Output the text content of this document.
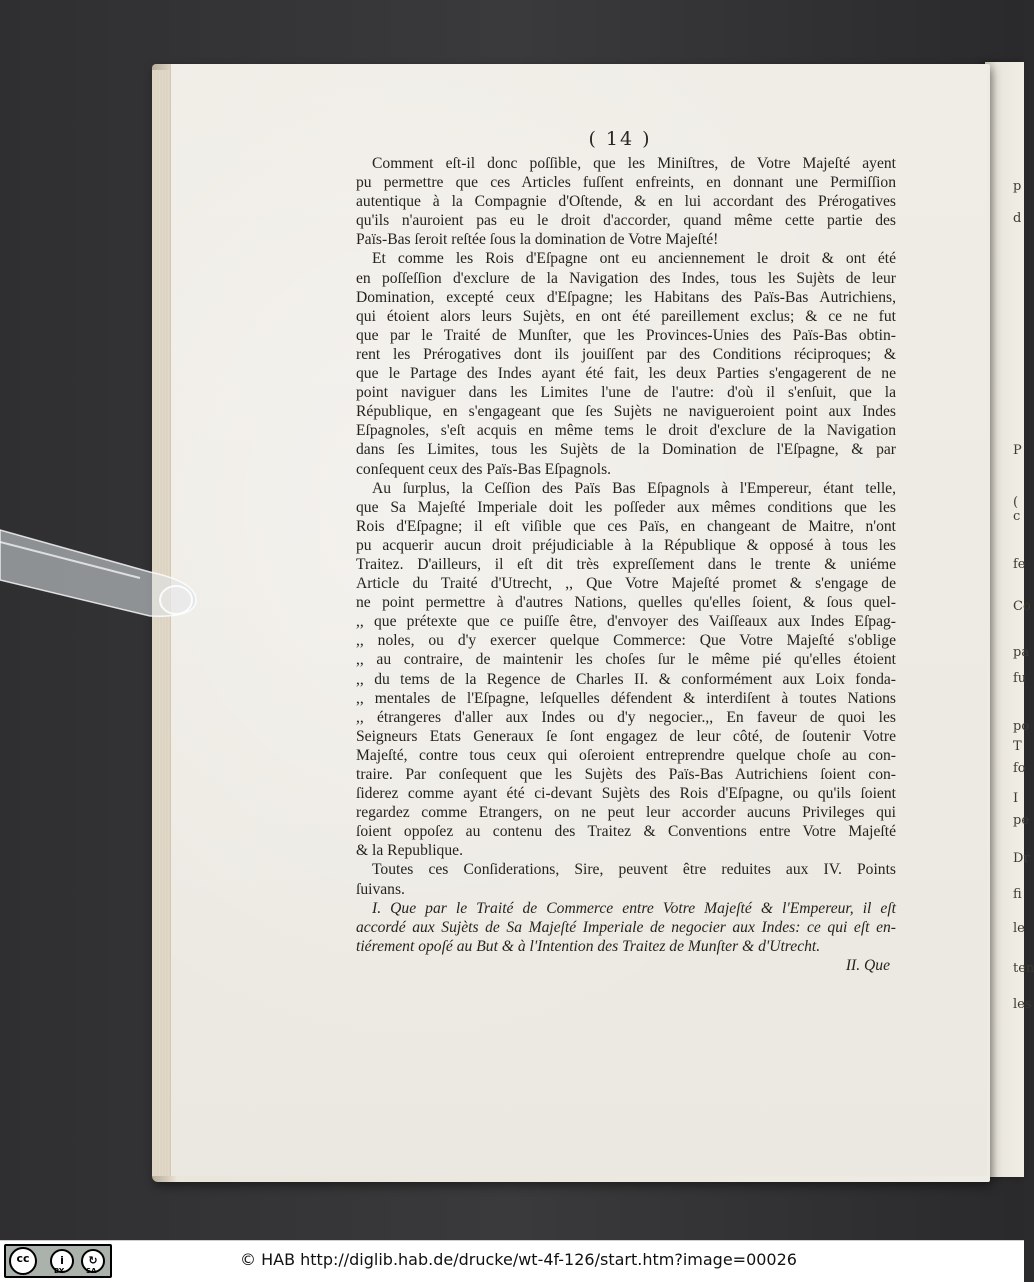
p
d
P
(
c
fe
Co
pa
fu
po
T
fo
I
pe
Dr
fi
le
ten
les
( 14 )
Comment eſt-il donc poſſible, que les Miniſtres, de Votre Majeſté ayent
pu permettre que ces Articles fuſſent enfreints, en donnant une Permiſſion
autentique à la Compagnie d'Oſtende, & en lui accordant des Prérogatives
qu'ils n'auroient pas eu le droit d'accorder, quand même cette partie des
Païs-Bas ſeroit reſtée ſous la domination de Votre Majeſté!
Et comme les Rois d'Eſpagne ont eu anciennement le droit & ont été
en poſſeſſion d'exclure de la Navigation des Indes, tous les Sujèts de leur
Domination, excepté ceux d'Eſpagne; les Habitans des Païs-Bas Autrichiens,
qui étoient alors leurs Sujèts, en ont été pareillement exclus; & ce ne fut
que par le Traité de Munſter, que les Provinces-Unies des Païs-Bas obtin-
rent les Prérogatives dont ils jouiſſent par des Conditions réciproques; &
que le Partage des Indes ayant été fait, les deux Parties s'engagerent de ne
point naviguer dans les Limites l'une de l'autre: d'où il s'enſuit, que la
République, en s'engageant que ſes Sujèts ne navigueroient point aux Indes
Eſpagnoles, s'eſt acquis en même tems le droit d'exclure de la Navigation
dans ſes Limites, tous les Sujèts de la Domination de l'Eſpagne, & par
conſequent ceux des Païs-Bas Eſpagnols.
Au ſurplus, la Ceſſion des Païs Bas Eſpagnols à l'Empereur, étant telle,
que Sa Majeſté Imperiale doit les poſſeder aux mêmes conditions que les
Rois d'Eſpagne; il eſt viſible que ces Païs, en changeant de Maitre, n'ont
pu acquerir aucun droit préjudiciable à la République & opposé à tous les
Traitez. D'ailleurs, il eſt dit très expreſſement dans le trente & uniéme
Article du Traité d'Utrecht, ,, Que Votre Majeſté promet & s'engage de
ne point permettre à d'autres Nations, quelles qu'elles ſoient, & ſous quel-
,, que prétexte que ce puiſſe être, d'envoyer des Vaiſſeaux aux Indes Eſpag-
,, noles, ou d'y exercer quelque Commerce: Que Votre Majeſté s'oblige
,, au contraire, de maintenir les choſes ſur le même pié qu'elles étoient
,, du tems de la Regence de Charles II. & conformément aux Loix fonda-
,, mentales de l'Eſpagne, leſquelles défendent & interdiſent à toutes Nations
,, étrangeres d'aller aux Indes ou d'y negocier.,, En faveur de quoi les
Seigneurs Etats Generaux ſe ſont engagez de leur côté, de ſoutenir Votre
Majeſté, contre tous ceux qui oſeroient entreprendre quelque choſe au con-
traire. Par conſequent que les Sujèts des Païs-Bas Autrichiens ſoient con-
ſiderez comme ayant été ci-devant Sujèts des Rois d'Eſpagne, ou qu'ils ſoient
regardez comme Etrangers, on ne peut leur accorder aucuns Privileges qui
ſoient oppoſez au contenu des Traitez & Conventions entre Votre Majeſté
& la Republique.
Toutes ces Conſiderations, Sire, peuvent être reduites aux IV. Points
ſuivans.
I. Que par le Traité de Commerce entre Votre Majeſté & l'Empereur, il eſt
accordé aux Sujèts de Sa Majeſté Imperiale de negocier aux Indes: ce qui eſt en-
tiérement opoſé au But & à l'Intention des Traitez de Munſter & d'Utrecht.
II. Que
cc	i	↻
BY	SA
© HAB http://diglib.hab.de/drucke/wt-4f-126/start.htm?image=00026
